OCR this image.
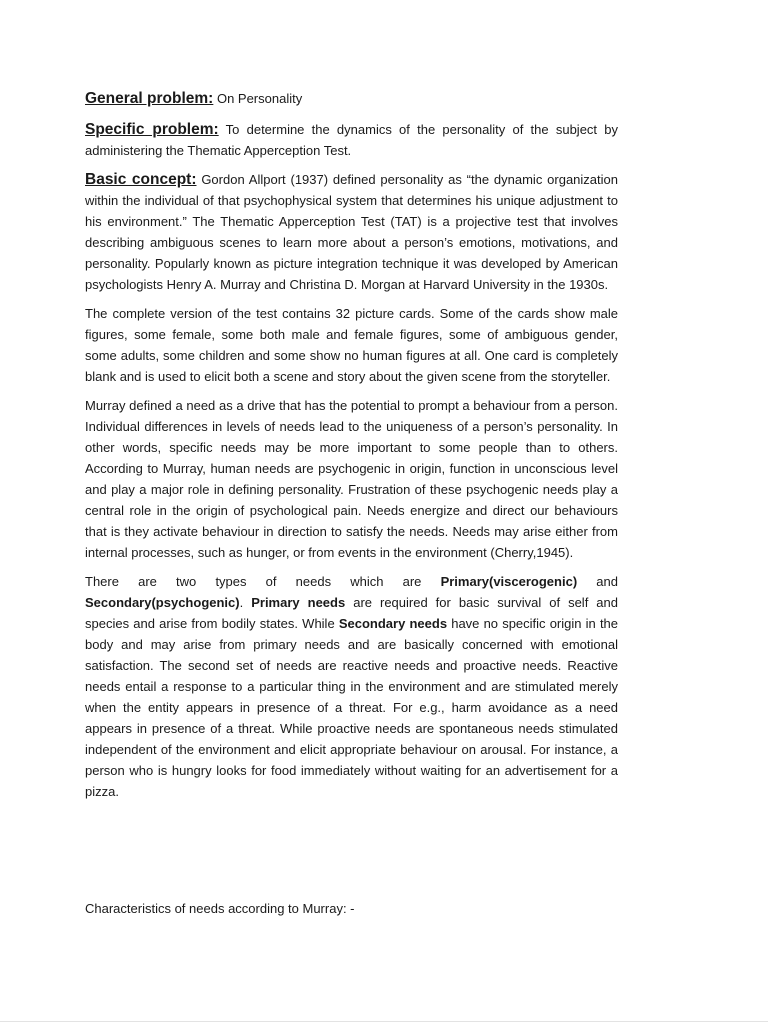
General problem: On Personality

Specific problem: To determine the dynamics of the personality of the subject by administering the Thematic Apperception Test.

Basic concept: Gordon Allport (1937) defined personality as “the dynamic organization within the individual of that psychophysical system that determines his unique adjustment to his environment.” The Thematic Apperception Test (TAT) is a projective test that involves describing ambiguous scenes to learn more about a person’s emotions, motivations, and personality. Popularly known as picture integration technique it was developed by American psychologists Henry A. Murray and Christina D. Morgan at Harvard University in the 1930s.

The complete version of the test contains 32 picture cards. Some of the cards show male figures, some female, some both male and female figures, some of ambiguous gender, some adults, some children and some show no human figures at all. One card is completely blank and is used to elicit both a scene and story about the given scene from the storyteller.

Murray defined a need as a drive that has the potential to prompt a behaviour from a person. Individual differences in levels of needs lead to the uniqueness of a person’s personality. In other words, specific needs may be more important to some people than to others. According to Murray, human needs are psychogenic in origin, function in unconscious level and play a major role in defining personality. Frustration of these psychogenic needs play a central role in the origin of psychological pain. Needs energize and direct our behaviours that is they activate behaviour in direction to satisfy the needs. Needs may arise either from internal processes, such as hunger, or from events in the environment (Cherry,1945).

There are two types of needs which are Primary(viscerogenic) and Secondary(psychogenic). Primary needs are required for basic survival of self and species and arise from bodily states. While Secondary needs have no specific origin in the body and may arise from primary needs and are basically concerned with emotional satisfaction. The second set of needs are reactive needs and proactive needs. Reactive needs entail a response to a particular thing in the environment and are stimulated merely when the entity appears in presence of a threat. For e.g., harm avoidance as a need appears in presence of a threat. While proactive needs are spontaneous needs stimulated independent of the environment and elicit appropriate behaviour on arousal. For instance, a person who is hungry looks for food immediately without waiting for an advertisement for a pizza.

Characteristics of needs according to Murray: -
